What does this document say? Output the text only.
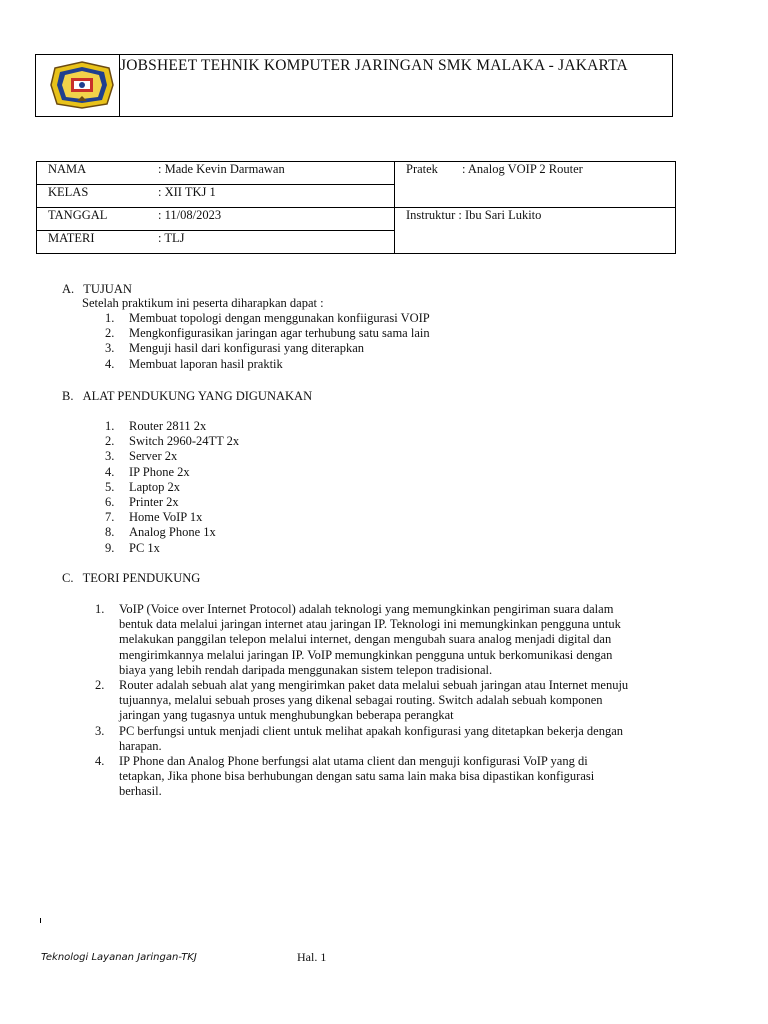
JOBSHEET TEHNIK KOMPUTER JARINGAN SMK MALAKA - JAKARTA
NAMA : Made Kevin Darmawan	Pratek : Analog VOIP 2 Router
KELAS : XII TKJ 1	
TANGGAL : 11/08/2023	Instruktur : Ibu Sari Lukito
MATERI : TLJ	
A. TUJUAN
Setelah praktikum ini peserta diharapkan dapat :
1. Membuat topologi dengan menggunakan konfiigurasi VOIP
2. Mengkonfigurasikan jaringan agar terhubung satu sama lain
3. Menguji hasil dari konfigurasi yang diterapkan
4. Membuat laporan hasil praktik
B. ALAT PENDUKUNG YANG DIGUNAKAN
1. Router 2811 2x
2. Switch 2960-24TT 2x
3. Server 2x
4. IP Phone 2x
5. Laptop 2x
6. Printer 2x
7. Home VoIP 1x
8. Analog Phone 1x
9. PC 1x
C. TEORI PENDUKUNG
1. VoIP (Voice over Internet Protocol) adalah teknologi yang memungkinkan pengiriman suara dalam
bentuk data melalui jaringan internet atau jaringan IP. Teknologi ini memungkinkan pengguna untuk
melakukan panggilan telepon melalui internet, dengan mengubah suara analog menjadi digital dan
mengirimkannya melalui jaringan IP. VoIP memungkinkan pengguna untuk berkomunikasi dengan
biaya yang lebih rendah daripada menggunakan sistem telepon tradisional.
2. Router adalah sebuah alat yang mengirimkan paket data melalui sebuah jaringan atau Internet menuju
tujuannya, melalui sebuah proses yang dikenal sebagai routing. Switch adalah sebuah komponen
jaringan yang tugasnya untuk menghubungkan beberapa perangkat
3. PC berfungsi untuk menjadi client untuk melihat apakah konfigurasi yang ditetapkan bekerja dengan
harapan.
4. IP Phone dan Analog Phone berfungsi alat utama client dan menguji konfigurasi VoIP yang di
tetapkan, Jika phone bisa berhubungan dengan satu sama lain maka bisa dipastikan konfigurasi
berhasil.
Teknologi Layanan Jaringan-TKJ	Hal. 1
